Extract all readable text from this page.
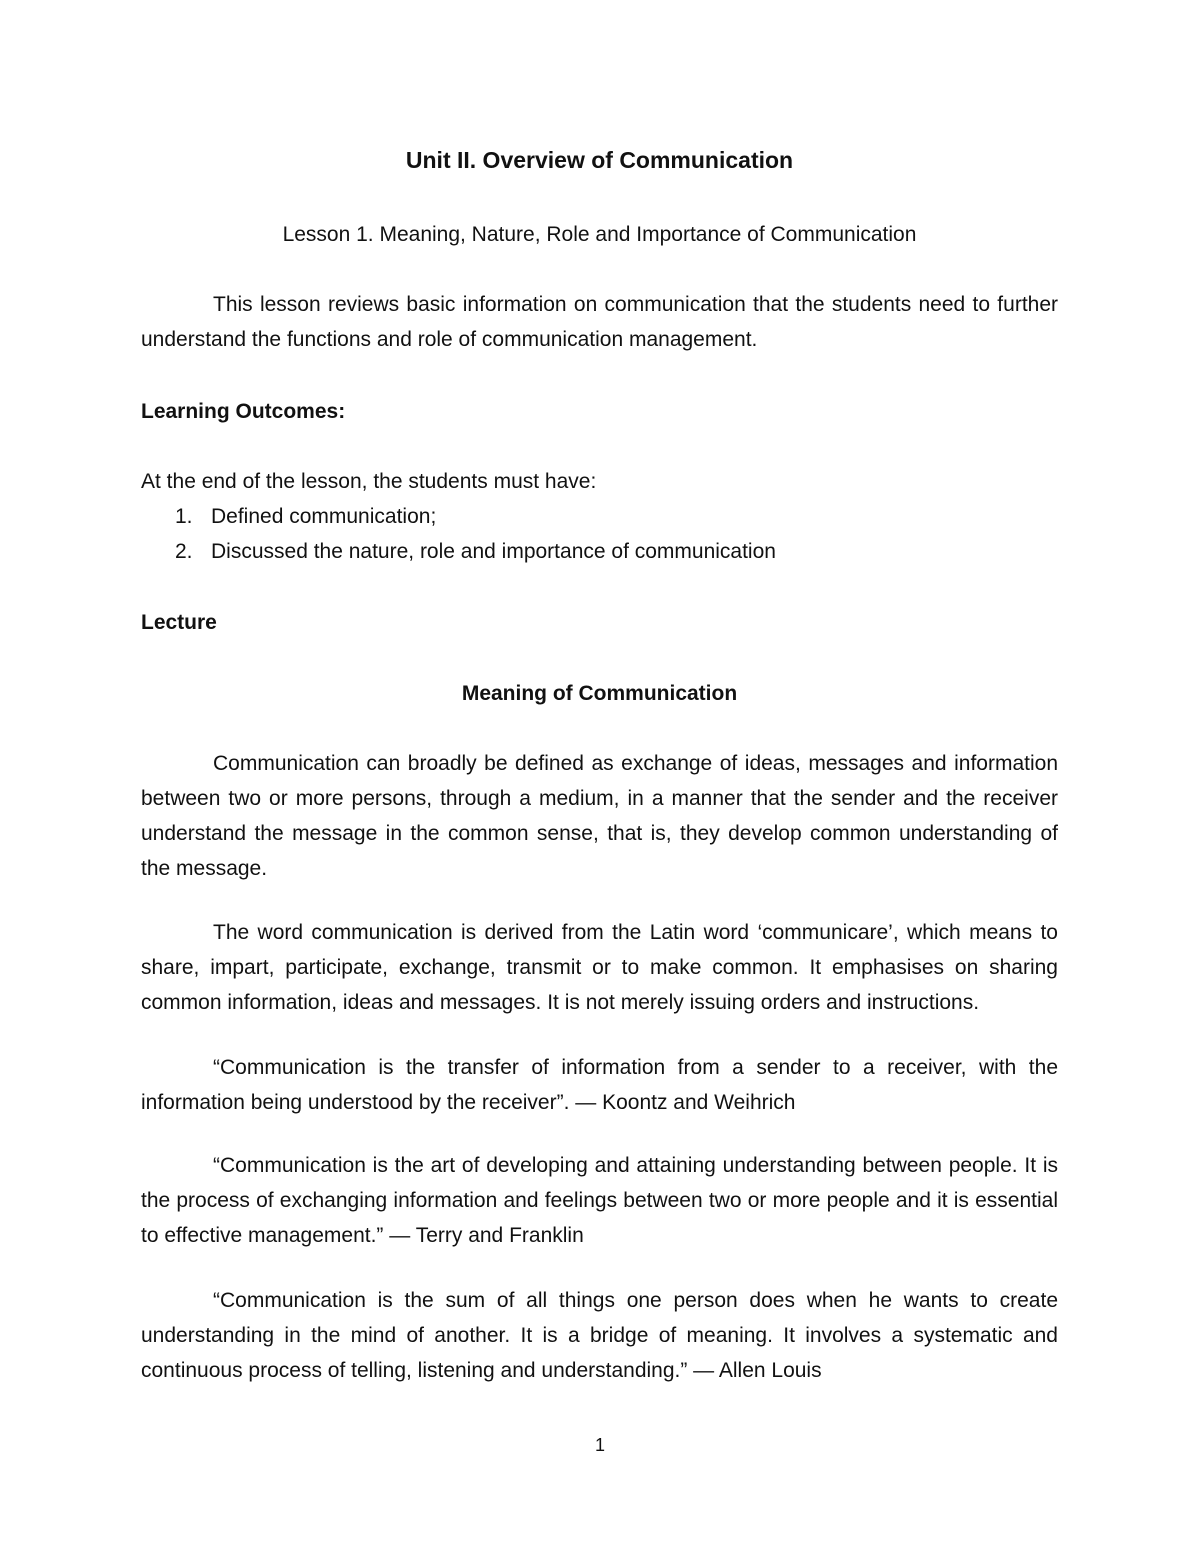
Unit II. Overview of Communication

Lesson 1. Meaning, Nature, Role and Importance of Communication

This lesson reviews basic information on communication that the students need to further understand the functions and role of communication management.

Learning Outcomes:

At the end of the lesson, the students must have:

1. Defined communication;
2. Discussed the nature, role and importance of communication

Lecture

Meaning of Communication

Communication can broadly be defined as exchange of ideas, messages and information between two or more persons, through a medium, in a manner that the sender and the receiver understand the message in the common sense, that is, they develop common understanding of the message.

The word communication is derived from the Latin word ‘communicare’, which means to share, impart, participate, exchange, transmit or to make common. It emphasises on sharing common information, ideas and messages. It is not merely issuing orders and instructions.

“Communication is the transfer of information from a sender to a receiver, with the information being understood by the receiver”. — Koontz and Weihrich

“Communication is the art of developing and attaining understanding between people. It is the process of exchanging information and feelings between two or more people and it is essential to effective management.” — Terry and Franklin

“Communication is the sum of all things one person does when he wants to create understanding in the mind of another. It is a bridge of meaning. It involves a systematic and continuous process of telling, listening and understanding.” — Allen Louis

1
